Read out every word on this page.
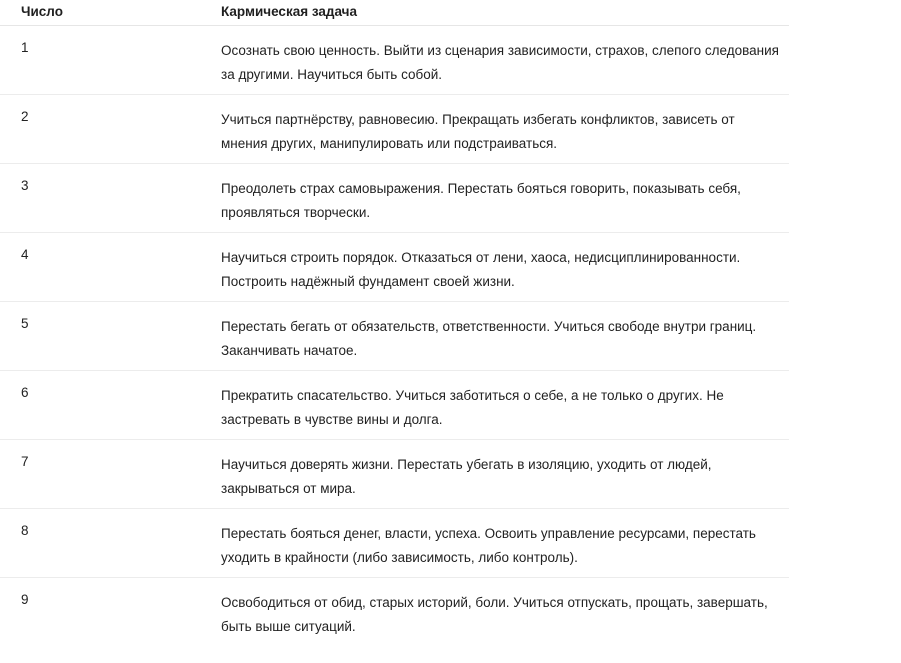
Число	Кармическая задача
1	Осознать свою ценность. Выйти из сценария зависимости, страхов, слепого следования за другими. Научиться быть собой.
2	Учиться партнёрству, равновесию. Прекращать избегать конфликтов, зависеть от мнения других, манипулировать или подстраиваться.
3	Преодолеть страх самовыражения. Перестать бояться говорить, показывать себя, проявляться творчески.
4	Научиться строить порядок. Отказаться от лени, хаоса, недисциплинированности. Построить надёжный фундамент своей жизни.
5	Перестать бегать от обязательств, ответственности. Учиться свободе внутри границ. Заканчивать начатое.
6	Прекратить спасательство. Учиться заботиться о себе, а не только о других. Не застревать в чувстве вины и долга.
7	Научиться доверять жизни. Перестать убегать в изоляцию, уходить от людей, закрываться от мира.
8	Перестать бояться денег, власти, успеха. Освоить управление ресурсами, перестать уходить в крайности (либо зависимость, либо контроль).
9	Освободиться от обид, старых историй, боли. Учиться отпускать, прощать, завершать, быть выше ситуаций.
